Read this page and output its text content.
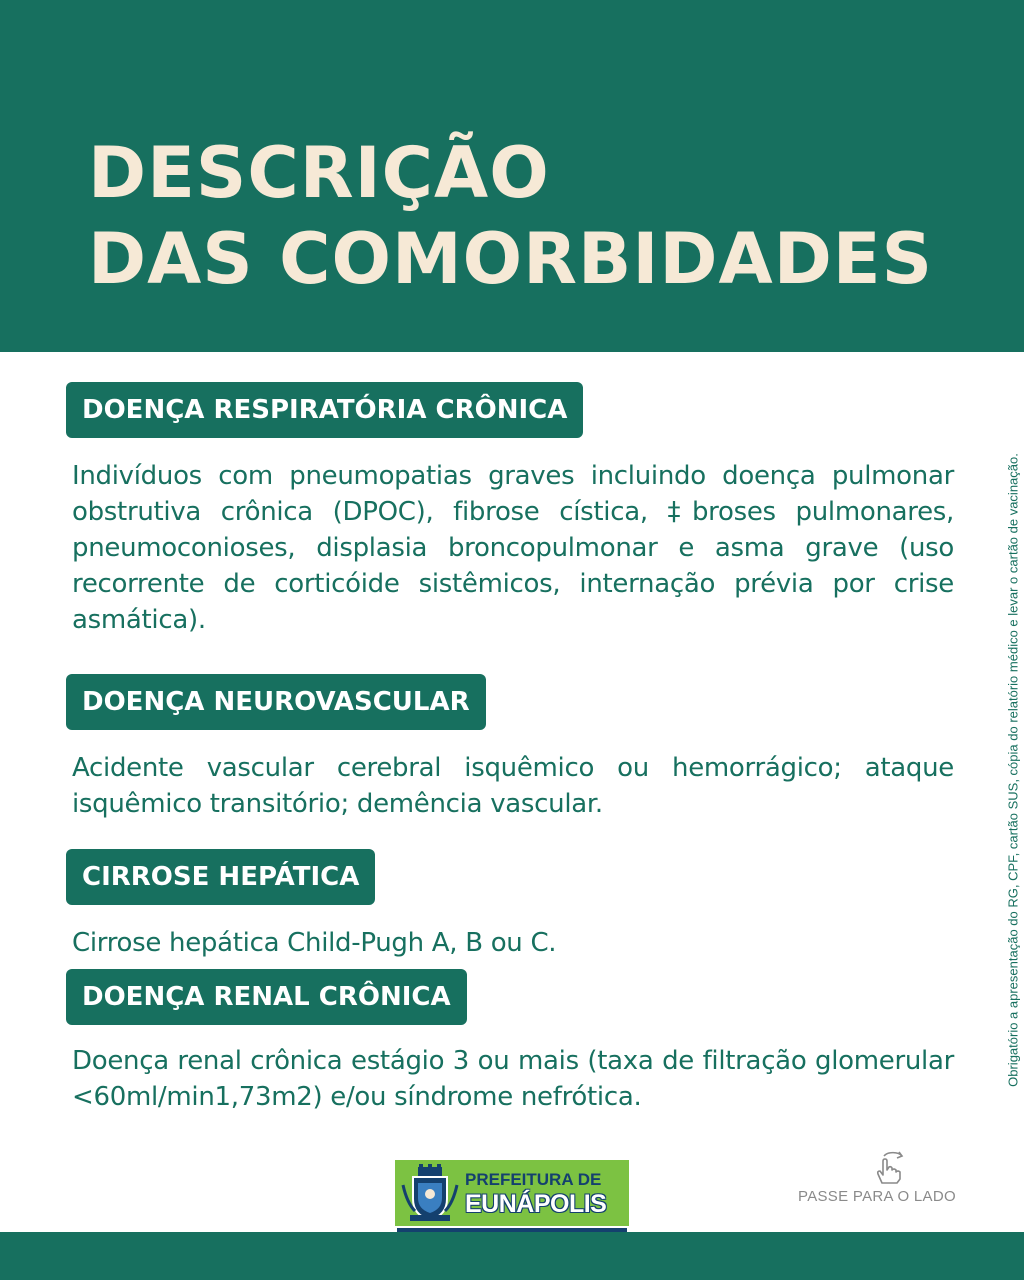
DESCRIÇÃO
DAS COMORBIDADES
DOENÇA RESPIRATÓRIA CRÔNICA

Indivíduos com pneumopatias graves incluindo doença pulmonar obstrutiva crônica (DPOC), fibrose cística, ‡broses pulmonares, pneumoconioses, displasia broncopulmonar e asma grave (uso recorrente de corticóide sistêmicos, internação prévia por crise asmática).

DOENÇA NEUROVASCULAR

Acidente vascular cerebral isquêmico ou hemorrágico; ataque isquêmico transitório; demência vascular.

CIRROSE HEPÁTICA

Cirrose hepática Child-Pugh A, B ou C.

DOENÇA RENAL CRÔNICA

Doença renal crônica estágio 3 ou mais (taxa de filtração glomerular <60ml/min1,73m2) e/ou síndrome nefrótica.

Obrigatório a apresentação do RG, CPF, cartão SUS, cópia do relatório médico e levar o cartão de vacinação.
PREFEITURA DE
EUNÁPOLIS	PASSE PARA O LADO
